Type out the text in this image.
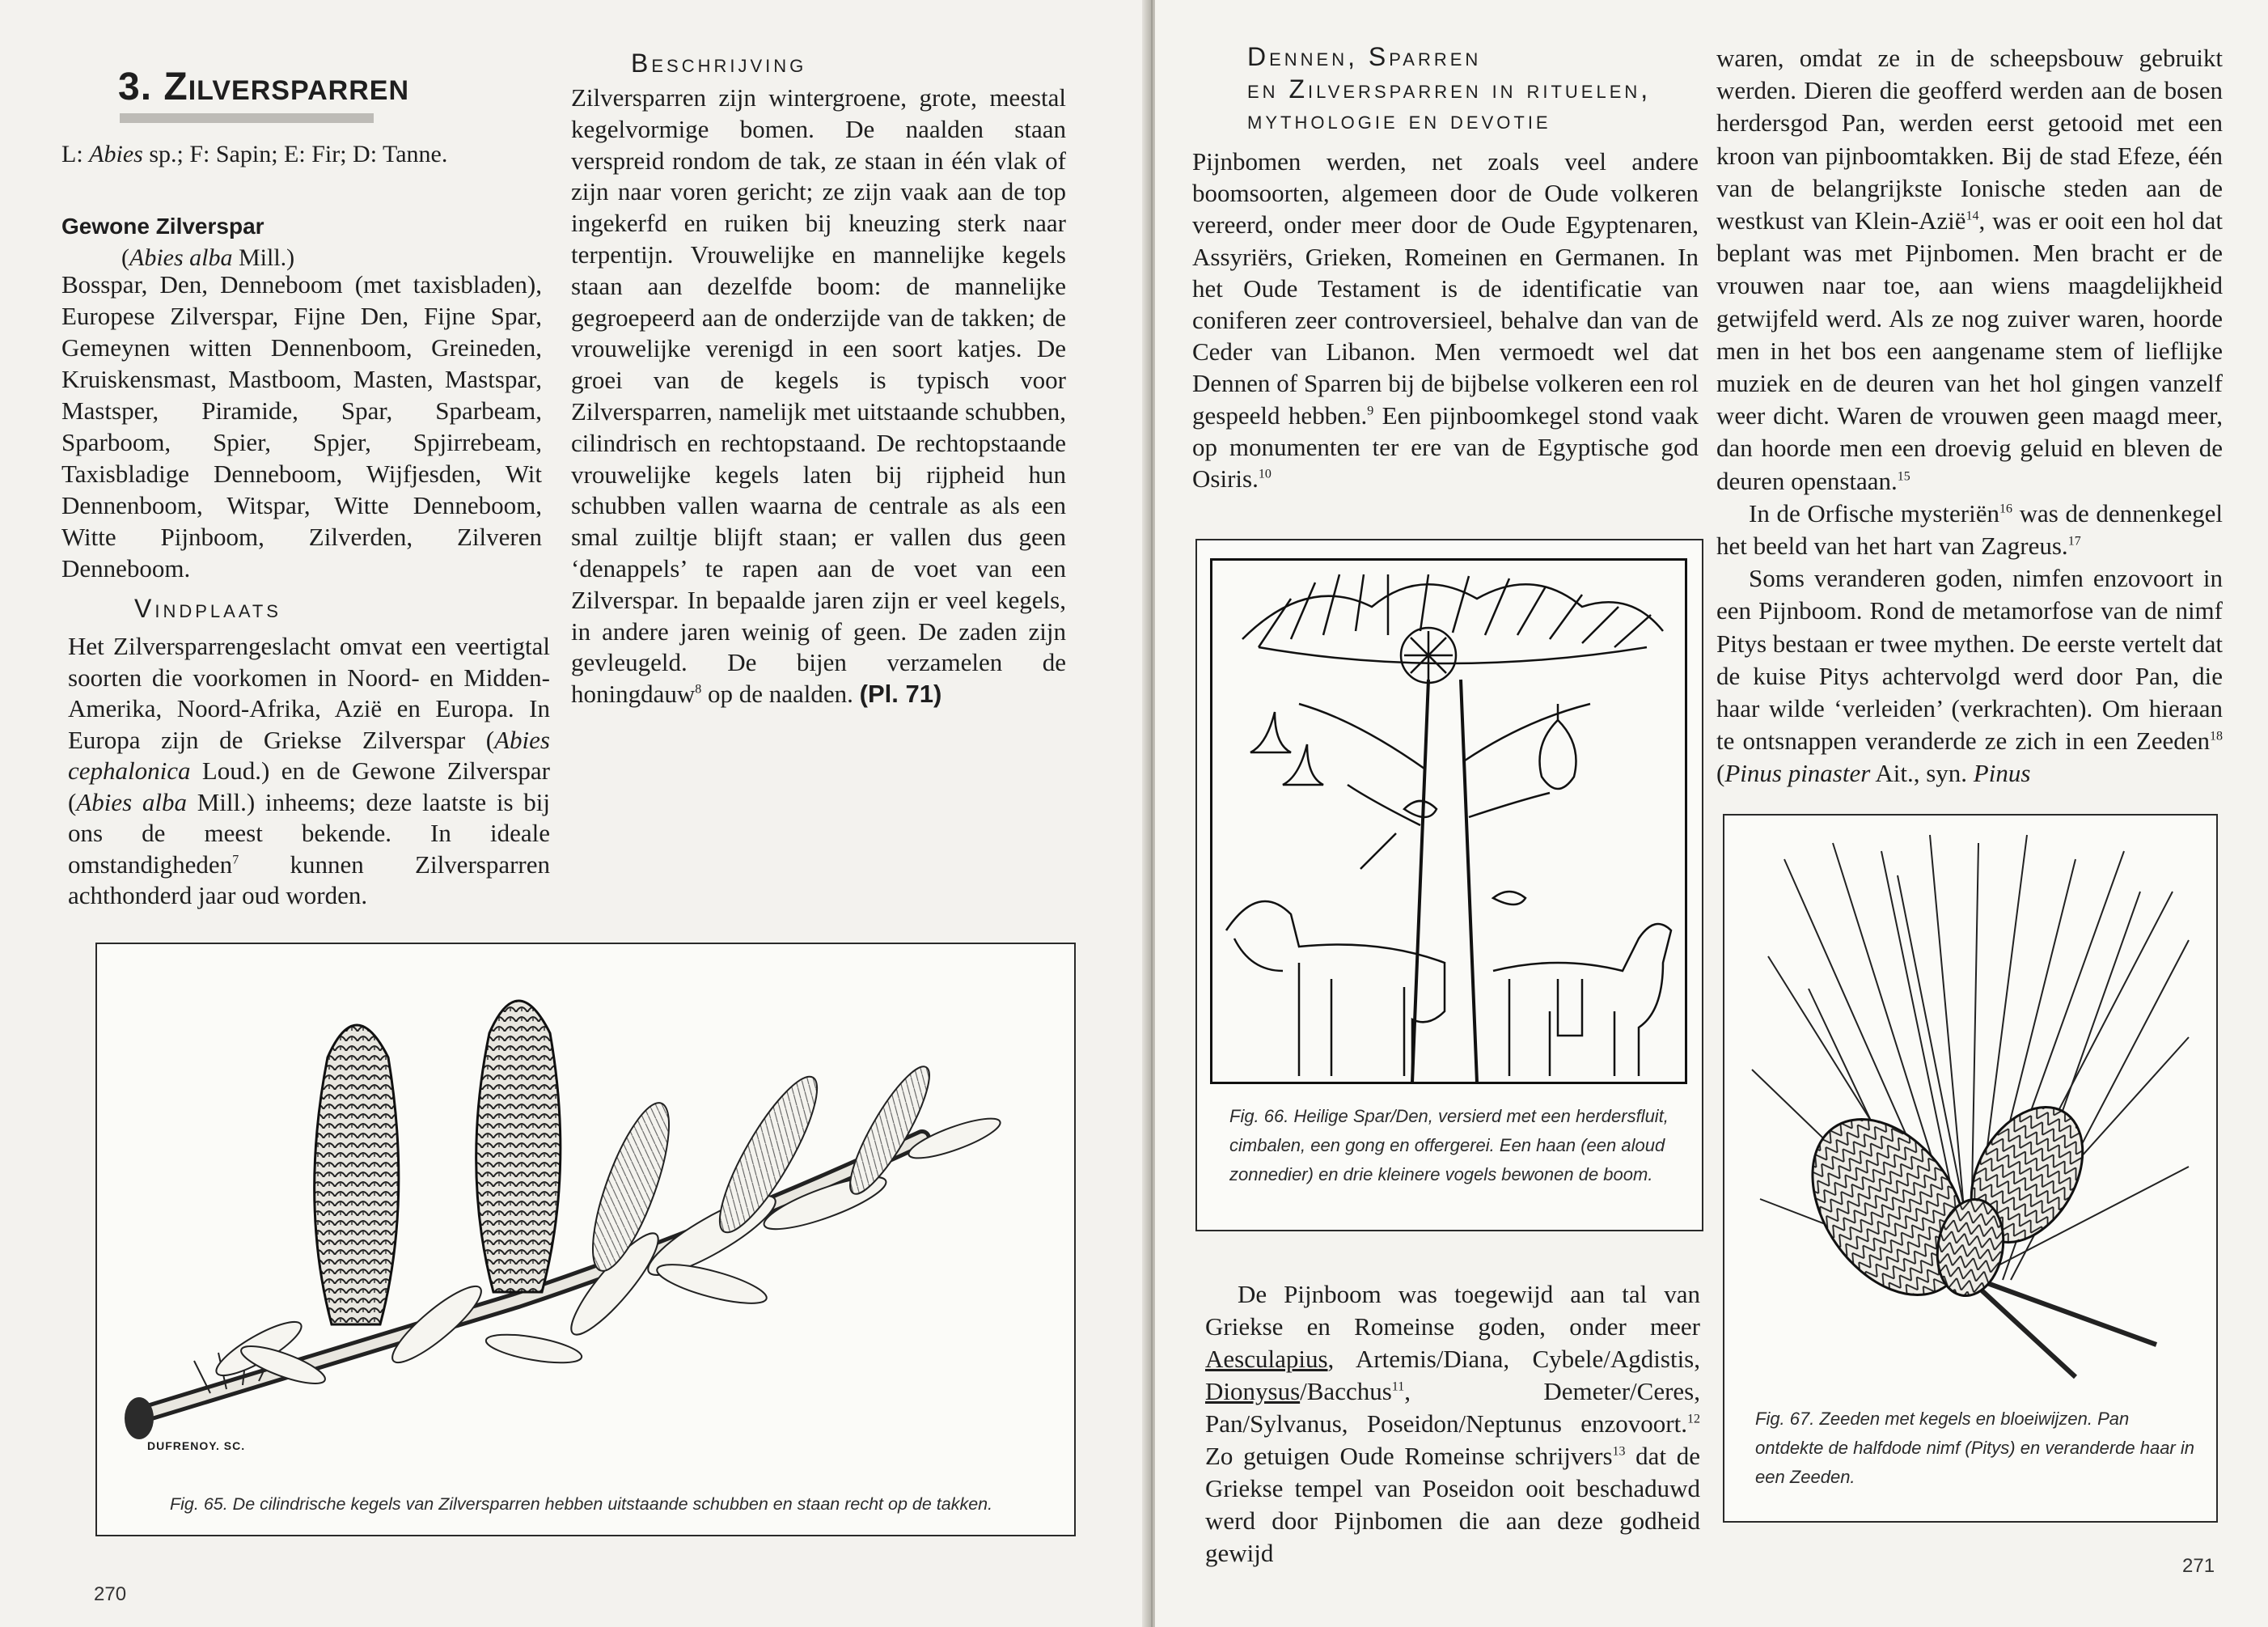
3. Zilversparren
L: Abies sp.; F: Sapin; E: Fir; D: Tanne.
Gewone Zilverspar
(Abies alba Mill.)

Bosspar, Den, Denneboom (met taxisbladen), Europese Zilverspar, Fijne Den, Fijne Spar, Gemeynen witten Dennenboom, Greineden, Kruiskensmast, Mastboom, Masten, Mastspar, Mastsper, Piramide, Spar, Sparbeam, Sparboom, Spier, Spjer, Spjirrebeam, Taxisbladige Denneboom, Wijfjesden, Wit Dennenboom, Witspar, Witte Denneboom, Witte Pijnboom, Zilverden, Zilveren Denneboom.

Vindplaats

Het Zilversparrengeslacht omvat een veertigtal soorten die voorkomen in Noord- en Midden-Amerika, Noord-Afrika, Azië en Europa. In Europa zijn de Griekse Zilverspar (Abies cephalonica Loud.) en de Gewone Zilverspar (Abies alba Mill.) inheems; deze laatste is bij ons de meest bekende. In ideale omstandigheden$^7$ kunnen Zilversparren achthonderd jaar oud worden.

Beschrijving

Zilversparren zijn wintergroene, grote, meestal kegelvormige bomen. De naalden staan verspreid rondom de tak, ze staan in één vlak of zijn naar voren gericht; ze zijn vaak aan de top ingekerfd en ruiken bij kneuzing sterk naar terpentijn. Vrouwelijke en mannelijke kegels staan aan dezelfde boom: de mannelijke gegroepeerd aan de onderzijde van de takken; de vrouwelijke verenigd in een soort katjes. De groei van de kegels is typisch voor Zilversparren, namelijk met uitstaande schubben, cilindrisch en rechtopstaand. De rechtopstaande vrouwelijke kegels laten bij rijpheid hun schubben vallen waarna de centrale as als een smal zuiltje blijft staan; er vallen dus geen ‘denappels’ te rapen aan de voet van een Zilverspar. In bepaalde jaren zijn er veel kegels, in andere jaren weinig of geen. De zaden zijn gevleugeld. De bijen verzamelen de honingdauw$^8$ op de naalden. (Pl. 71)

DUFRENOY. SC.
Fig. 65. De cilindrische kegels van Zilversparren hebben uitstaande schubben en staan recht op de takken.
270
Dennen, Sparren
en Zilversparren in rituelen,
mythologie en devotie

Pijnbomen werden, net zoals veel andere boomsoorten, algemeen door de Oude volkeren vereerd, onder meer door de Oude Egyptenaren, Assyriërs, Grieken, Romeinen en Germanen. In het Oude Testament is de identificatie van coniferen zeer controversieel, behalve dan van de Ceder van Libanon. Men vermoedt wel dat Dennen of Sparren bij de bijbelse volkeren een rol gespeeld hebben.$^9$ Een pijnboomkegel stond vaak op monumenten ter ere van de Egyptische god Osiris.$^{10}$

Fig. 66. Heilige Spar/Den, versierd met een herdersfluit, cimbalen, een gong en offergerei. Een haan (een aloud zonnedier) en drie kleinere vogels bewonen de boom.

De Pijnboom was toegewijd aan tal van Griekse en Romeinse goden, onder meer Aesculapius, Artemis/Diana, Cybele/Agdistis, Dionysus/Bacchus$^{11}$, Demeter/Ceres, Pan/Sylvanus, Poseidon/Neptunus enzovoort.$^{12}$ Zo getuigen Oude Romeinse schrijvers$^{13}$ dat de Griekse tempel van Poseidon ooit beschaduwd werd door Pijnbomen die aan deze godheid gewijd

waren, omdat ze in de scheepsbouw gebruikt werden. Dieren die geofferd werden aan de bosen herdersgod Pan, werden eerst getooid met een kroon van pijnboomtakken. Bij de stad Efeze, één van de belangrijkste Ionische steden aan de westkust van Klein-Azië$^{14}$, was er ooit een hol dat beplant was met Pijnbomen. Men bracht er de vrouwen naar toe, aan wiens maagdelijkheid getwijfeld werd. Als ze nog zuiver waren, hoorde men in het bos een aangename stem of lieflijke muziek en de deuren van het hol gingen vanzelf weer dicht. Waren de vrouwen geen maagd meer, dan hoorde men een droevig geluid en bleven de deuren openstaan.$^{15}$

In de Orfische mysteriën$^{16}$ was de dennenkegel het beeld van het hart van Zagreus.$^{17}$

Soms veranderen goden, nimfen enzovoort in een Pijnboom. Rond de metamorfose van de nimf Pitys bestaan er twee mythen. De eerste vertelt dat de kuise Pitys achtervolgd werd door Pan, die haar wilde ‘verleiden’ (verkrachten). Om hieraan te ontsnappen veranderde ze zich in een Zeeden$^{18}$ (Pinus pinaster Ait., syn. Pinus

Fig. 67. Zeeden met kegels en bloeiwijzen. Pan ontdekte de halfdode nimf (Pitys) en veranderde haar in een Zeeden.
271
